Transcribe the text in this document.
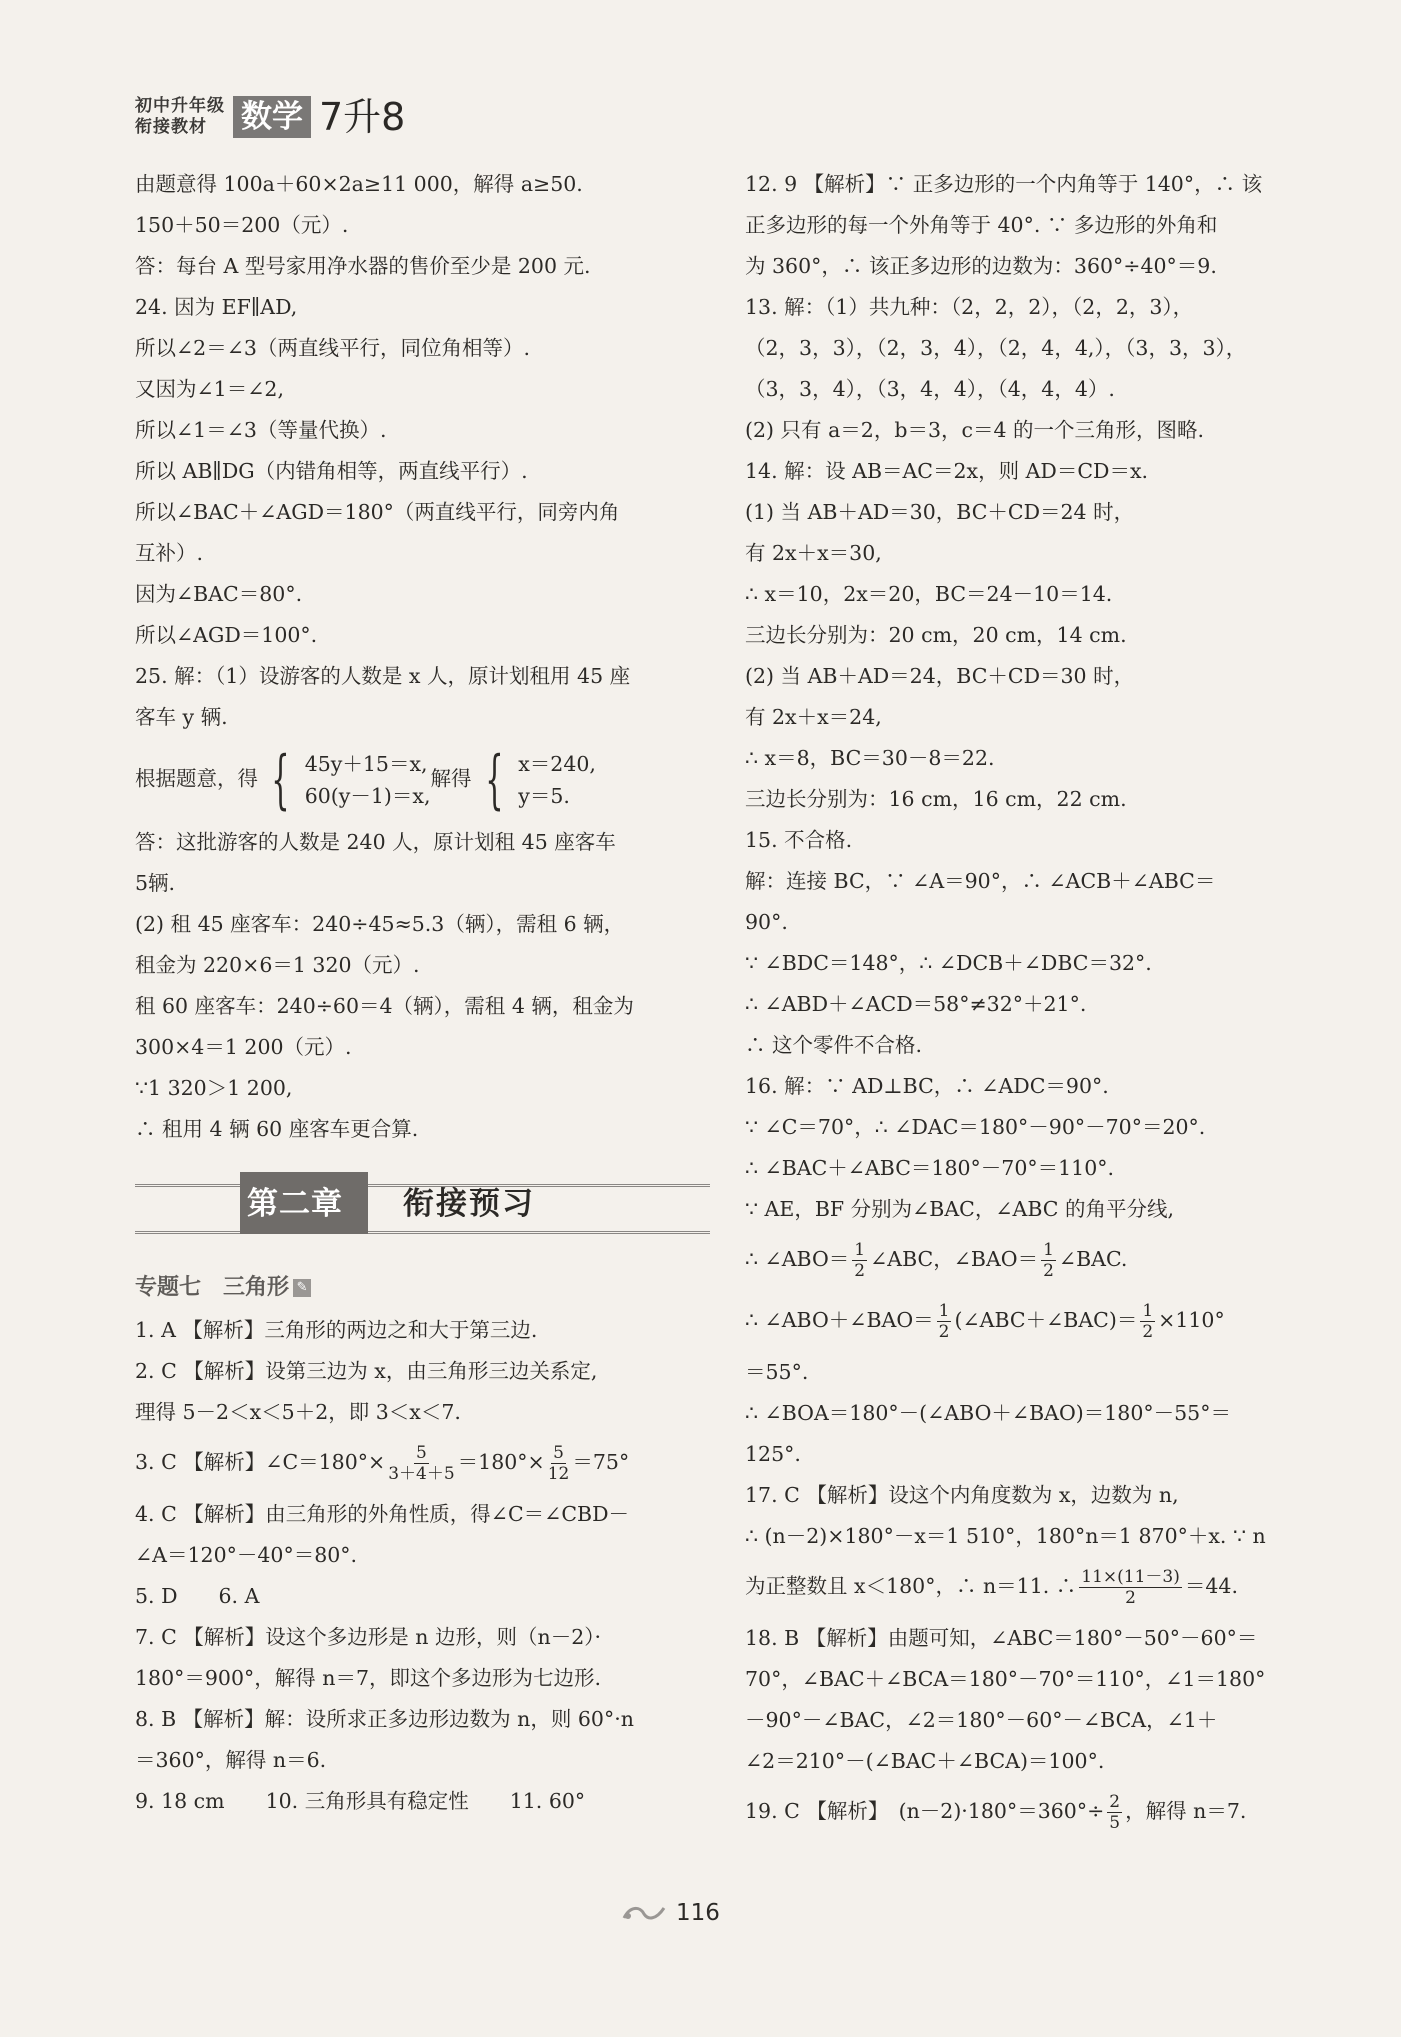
初中升年级
衔接教材	数学 7升8
由题意得 100a＋60×2a≥11 000，解得 a≥50.
150＋50＝200（元）.
答：每台 A 型号家用净水器的售价至少是 200 元.
24. 因为 EF∥AD,
所以∠2＝∠3（两直线平行，同位角相等）.
又因为∠1＝∠2,
所以∠1＝∠3（等量代换）.
所以 AB∥DG（内错角相等，两直线平行）.
所以∠BAC＋∠AGD＝180°（两直线平行，同旁内角
互补）.
因为∠BAC＝80°.
所以∠AGD＝100°.
25. 解：（1）设游客的人数是 x 人，原计划租用 45 座
客车 y 辆.
根据题意，得 { 45y＋15＝x,
60(y－1)＝x,
解得 { x＝240,
y＝5.
答：这批游客的人数是 240 人，原计划租 45 座客车
5辆.
(2) 租 45 座客车：240÷45≈5.3（辆），需租 6 辆，
租金为 220×6＝1 320（元）.
租 60 座客车：240÷60＝4（辆），需租 4 辆，租金为
300×4＝1 200（元）.
∵1 320＞1 200,
∴ 租用 4 辆 60 座客车更合算.
第二章 衔接预习
专题七　三角形 ✎
1. A 【解析】三角形的两边之和大于第三边.
2. C 【解析】设第三边为 x，由三角形三边关系定,
理得 5－2＜x＜5＋2，即 3＜x＜7.
3. C 【解析】∠C＝180°× $\frac{5}{3+4+5} =180^\circ\times \frac{5}{12} =75^\circ$
4. C 【解析】由三角形的外角性质，得∠C＝∠CBD－
∠A＝120°－40°＝80°.
5. D　　6. A
7. C 【解析】设这个多边形是 n 边形，则（n－2）·
180°＝900°，解得 n＝7，即这个多边形为七边形.
8. B 【解析】解：设所求正多边形边数为 n，则 60°·n
＝360°，解得 n＝6.
9. 18 cm　　10. 三角形具有稳定性　　11. 60°
12. 9 【解析】∵ 正多边形的一个内角等于 140°，∴ 该
正多边形的每一个外角等于 40°. ∵ 多边形的外角和
为 360°，∴ 该正多边形的边数为：360°÷40°＝9.
13. 解：（1）共九种：（2，2，2），（2，2，3），
（2，3，3），（2，3，4），（2，4，4,），（3，3，3），
（3，3，4），（3，4，4），（4，4，4）.
(2) 只有 a＝2，b＝3，c＝4 的一个三角形，图略.
14. 解：设 AB＝AC＝2x，则 AD＝CD＝x.
(1) 当 AB＋AD＝30，BC＋CD＝24 时，
有 2x＋x＝30,
∴ x＝10，2x＝20，BC＝24－10＝14.
三边长分别为：20 cm，20 cm，14 cm.
(2) 当 AB＋AD＝24，BC＋CD＝30 时，
有 2x＋x＝24,
∴ x＝8，BC＝30－8＝22.
三边长分别为：16 cm，16 cm，22 cm.
15. 不合格.
解：连接 BC，∵ ∠A＝90°，∴ ∠ACB＋∠ABC＝
90°.
∵ ∠BDC＝148°，∴ ∠DCB＋∠DBC＝32°.
∴ ∠ABD＋∠ACD＝58°≠32°＋21°.
∴ 这个零件不合格.
16. 解：∵ AD⊥BC，∴ ∠ADC＝90°.
∵ ∠C＝70°，∴ ∠DAC＝180°－90°－70°＝20°.
∴ ∠BAC＋∠ABC＝180°－70°＝110°.
∵ AE，BF 分别为∠BAC，∠ABC 的角平分线,
∴ ∠ABO＝ $\frac{1}{2}$ ∠ABC，∠BAO＝ $\frac{1}{2}$ ∠BAC.
∴ ∠ABO＋∠BAO＝ $\frac{1}{2}$ (∠ABC＋∠BAC)＝ $\frac{1}{2} \times 110^\circ$
＝55°.
∴ ∠BOA＝180°－(∠ABO＋∠BAO)＝180°－55°＝
125°.
17. C 【解析】设这个内角度数为 x，边数为 n,
∴ (n－2)×180°－x＝1 510°，180°n＝1 870°＋x. ∵ n
为正整数且 x＜180°，∴ n＝11. ∴ $\frac{11\times(11-3)}{2} =44$.
18. B 【解析】由题可知，∠ABC＝180°－50°－60°＝
70°，∠BAC＋∠BCA＝180°－70°＝110°，∠1＝180°
－90°－∠BAC，∠2＝180°－60°－∠BCA，∠1＋
∠2＝210°－(∠BAC＋∠BCA)＝100°.
19. C 【解析】　$(n-2)\cdot 180^\circ=360^\circ\div \frac{2}{5}$ ，解得 n＝7.
116
